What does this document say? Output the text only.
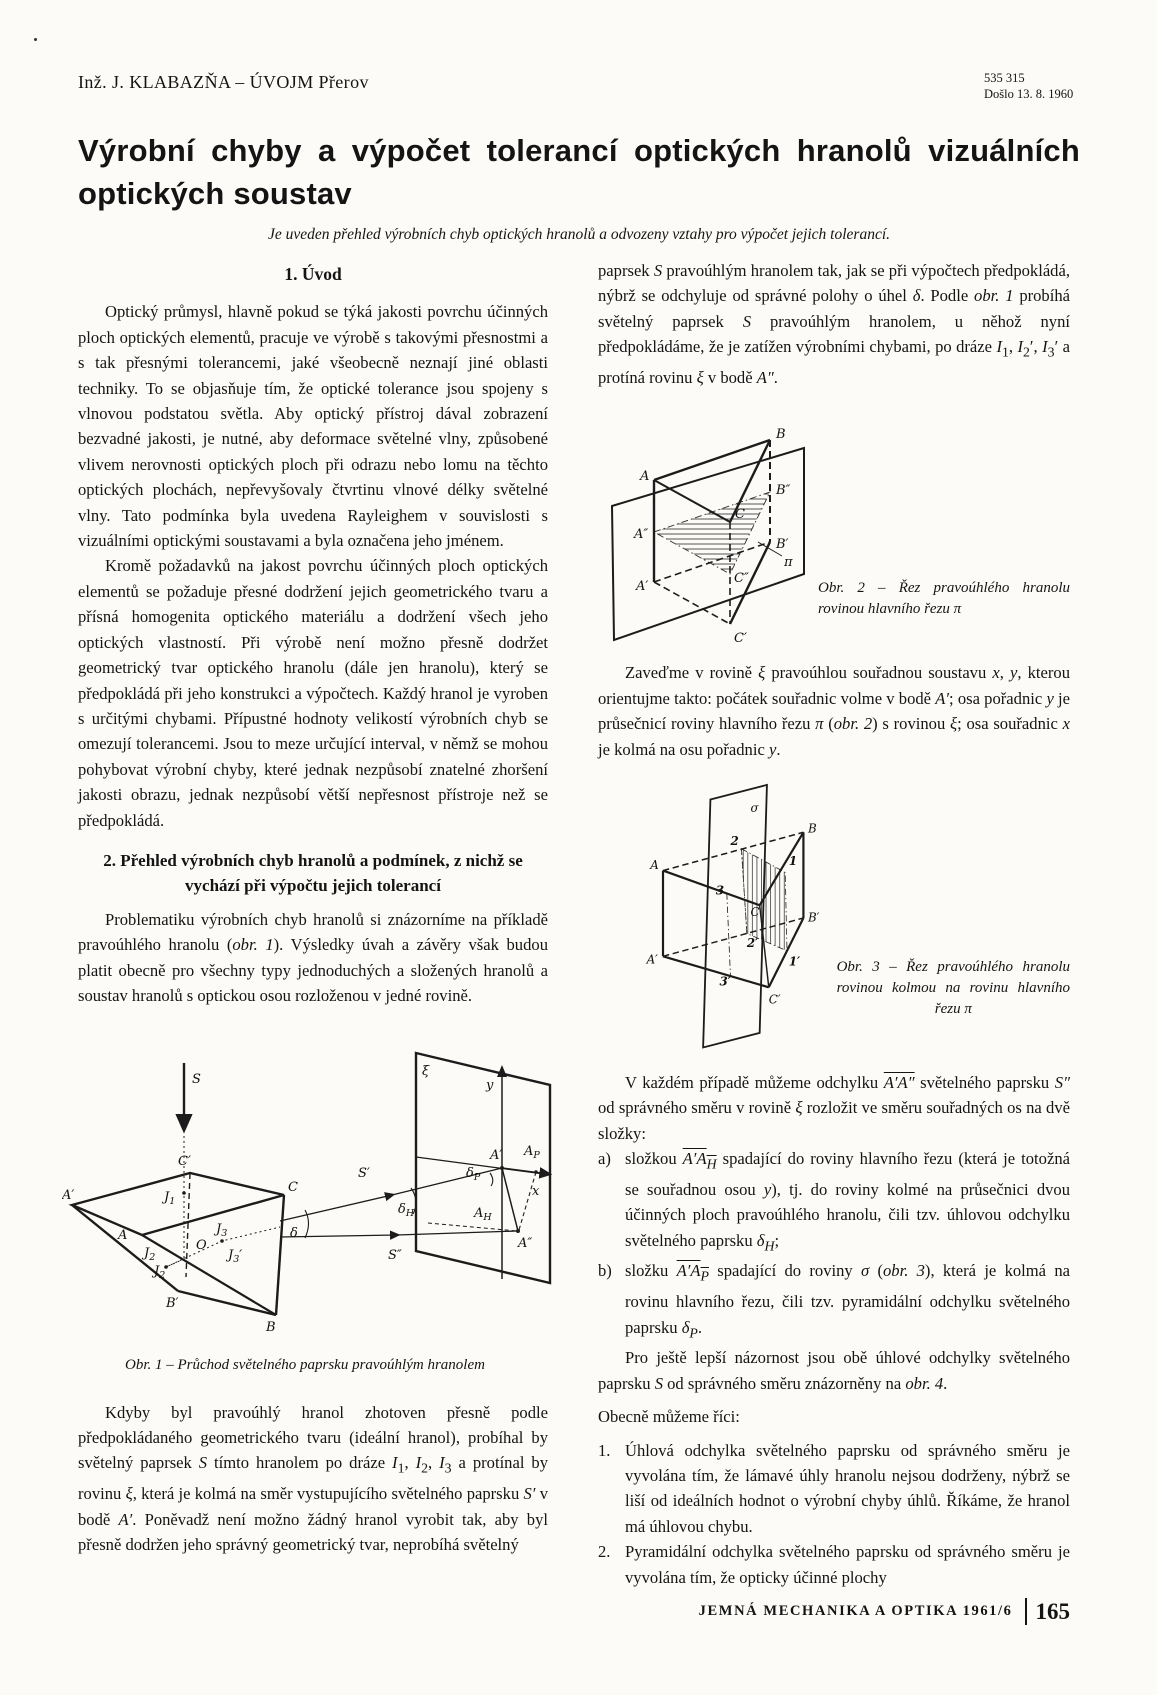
Inž. J. KLABAZŇA – ÚVOJM Přerov	535 315
Došlo 13. 8. 1960
Výrobní chyby a výpočet tolerancí optických hranolů vizuálních optických soustav
Je uveden přehled výrobních chyb optických hranolů a odvozeny vztahy pro výpočet jejich tolerancí.
1. Úvod

Optický průmysl, hlavně pokud se týká jakosti povrchu účinných ploch optických elementů, pracuje ve výrobě s takovými přesnostmi a s tak přesnými tolerancemi, jaké všeobecně neznají jiné oblasti techniky. To se objasňuje tím, že optické tolerance jsou spojeny s vlnovou podstatou světla. Aby optický přístroj dával zobrazení bezvadné jakosti, je nutné, aby deformace světelné vlny, způsobené vlivem nerovnosti optických ploch při odrazu nebo lomu na těchto optických plochách, nepřevyšovaly čtvrtinu vlnové délky světelné vlny. Tato podmínka byla uvedena Rayleighem v souvislosti s vizuálními optickými soustavami a byla označena jeho jménem.

Kromě požadavků na jakost povrchu účinných ploch optických elementů se požaduje přesné dodržení jejich geometrického tvaru a přísná homogenita optického materiálu a dodržení všech jeho optických vlastností. Při výrobě není možno přesně dodržet geometrický tvar optického hranolu (dále jen hranolu), který se předpokládá při jeho konstrukci a výpočtech. Každý hranol je vyroben s určitými chybami. Přípustné hodnoty velikostí výrobních chyb se omezují tolerancemi. Jsou to meze určující interval, v němž se mohou pohybovat výrobní chyby, které jednak nezpůsobí znatelné zhoršení jakosti obrazu, jednak nezpůsobí větší nepřesnost přístroje než se předpokládá.

2. Přehled výrobních chyb hranolů a podmínek, z nichž se vychází při výpočtu jejich tolerancí

Problematiku výrobních chyb hranolů si znázorníme na příkladě pravoúhlého hranolu (obr. 1). Výsledky úvah a závěry však budou platit obecně pro všechny typy jednoduchých a složených hranolů a soustav hranolů s optickou osou rozloženou v jedné rovině.

S
A′
C′
C
A
B′
B
O
$J_1$
$J_2$
$J_2'$
$J_3$
$J_3'$
ξ
y
x
A′ $A_P$
$A_H$
A″
S′
S″
δ
$\delta_P$
$\delta_H$
Obr. 1 – Průchod světelného paprsku pravoúhlým hranolem

Kdyby byl pravoúhlý hranol zhotoven přesně podle předpokládaného geometrického tvaru (ideální hranol), probíhal by světelný paprsek S tímto hranolem po dráze $I_1$, $I_2$, $I_3$ a protínal by rovinu ξ, která je kolmá na směr vystupujícího světelného paprsku S′ v bodě A′. Poněvadž není možno žádný hranol vyrobit tak, aby byl přesně dodržen jeho správný geometrický tvar, neprobíhá světelný

paprsek S pravoúhlým hranolem tak, jak se při výpočtech předpokládá, nýbrž se odchyluje od správné polohy o úhel δ. Podle obr. 1 probíhá světelný paprsek S pravoúhlým hranolem, u něhož nyní předpokládáme, že je zatížen výrobními chybami, po dráze $I_1$, $I_2'$, $I_3'$ a protíná rovinu ξ v bodě A″.

A
B
B″
A″
C
B′
C″
A′
C′
π
Obr. 2 – Řez pravoúhlého hranolu rovinou hlavního řezu π

Zaveďme v rovině ξ pravoúhlou souřadnou soustavu x, y, kterou orientujme takto: počátek souřadnic volme v bodě A′; osa pořadnic y je průsečnicí roviny hlavního řezu π (obr. 2) s rovinou ξ; osa souřadnic x je kolmá na osu pořadnic y.

σ
B
2
A	1
3
C	B′
A′
2′
1′
3′
C′
Obr. 3 – Řez pravoúhlého hranolu rovinou kolmou na rovinu hlavního řezu π

V každém případě můžeme odchylku A′A″ světelného paprsku S″ od správného směru v rovině ξ rozložit ve směru souřadných os na dvě složky:

a) složkou $A'A_H$ spadající do roviny hlavního řezu (která je totožná se souřadnou osou y), tj. do roviny kolmé na průsečnici dvou účinných ploch pravoúhlého hranolu, čili tzv. úhlovou odchylku světelného paprsku $\delta_H$;
b) složku $A'A_P$ spadající do roviny σ (obr. 3), která je kolmá na rovinu hlavního řezu, čili tzv. pyramidální odchylku světelného paprsku $\delta_P$.

Pro ještě lepší názornost jsou obě úhlové odchylky světelného paprsku S od správného směru znázorněny na obr. 4.

Obecně můžeme říci:

1. Úhlová odchylka světelného paprsku od správného směru je vyvolána tím, že lámavé úhly hranolu nejsou dodrženy, nýbrž se liší od ideálních hodnot o výrobní chyby úhlů. Říkáme, že hranol má úhlovou chybu.
2. Pyramidální odchylka světelného paprsku od správného směru je vyvolána tím, že opticky účinné plochy
JEMNÁ MECHANIKA A OPTIKA 1961/6 165
